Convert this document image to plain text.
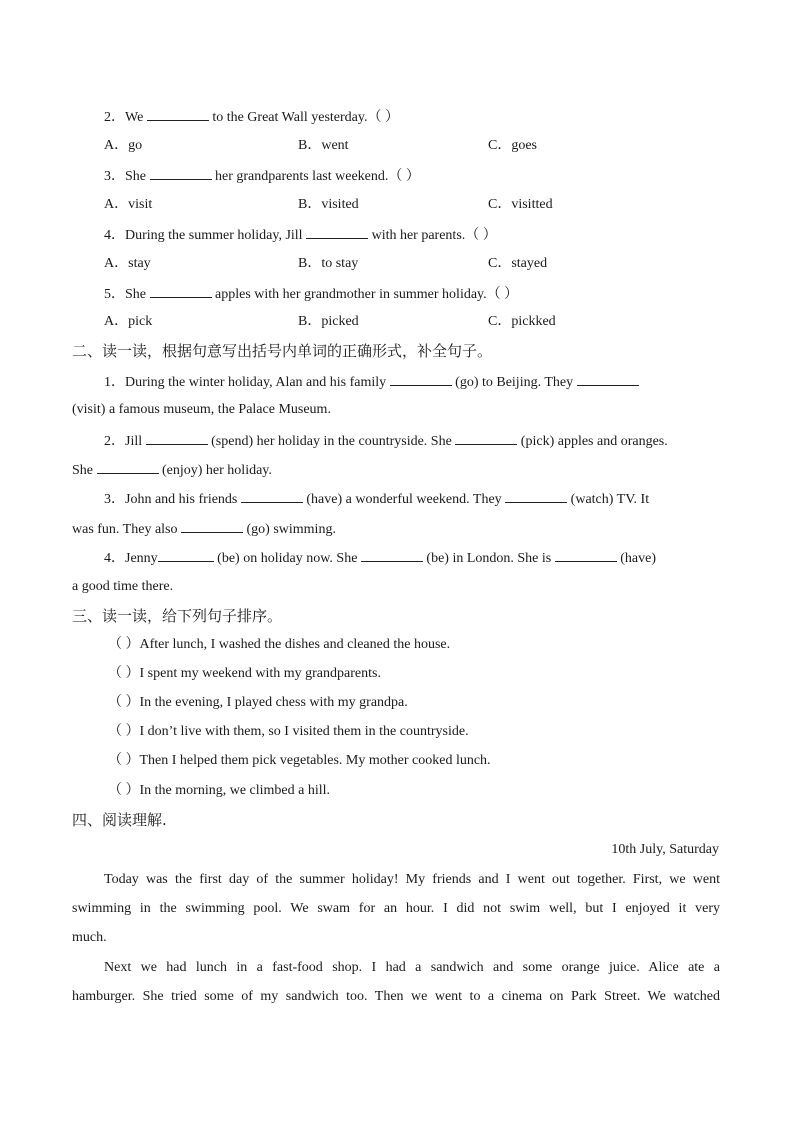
2．We	to the Great Wall yesterday.（ ）
A．go	B．went	C．goes
3．She	her grandparents last weekend.（ ）
A．visit	B．visited	C．visitted
4．During the summer holiday, Jill	with her parents.（ ）
A．stay	B．to stay	C．stayed
5．She	apples with her grandmother in summer holiday.（ ）
A．pick	B．picked	C．pickked
二、读一读，根据句意写出括号内单词的正确形式，补全句子。
1．During the winter holiday, Alan and his family	(go) to Beijing. They
(visit) a famous museum, the Palace Museum.
2．Jill	(spend) her holiday in the countryside. She	(pick) apples and oranges.
She	(enjoy) her holiday.
3．John and his friends	(have) a wonderful weekend. They	(watch) TV. It
was fun. They also	(go) swimming.
4．Jenny	(be) on holiday now. She	(be) in London. She is	(have)
a good time there.
三、读一读，给下列句子排序。
（ ）After lunch, I washed the dishes and cleaned the house.
（ ）I spent my weekend with my grandparents.
（ ）In the evening, I played chess with my grandpa.
（ ）I don’t live with them, so I visited them in the countryside.
（ ）Then I helped them pick vegetables. My mother cooked lunch.
（ ）In the morning, we climbed a hill.
四、阅读理解.
10th July, Saturday
Today was the first day of the summer holiday! My friends and I went out together. First, we went
swimming in the swimming pool. We swam for an hour. I did not swim well, but I enjoyed it very
much.
Next we had lunch in a fast-food shop. I had a sandwich and some orange juice. Alice ate a
hamburger. She tried some of my sandwich too. Then we went to a cinema on Park Street. We watched
